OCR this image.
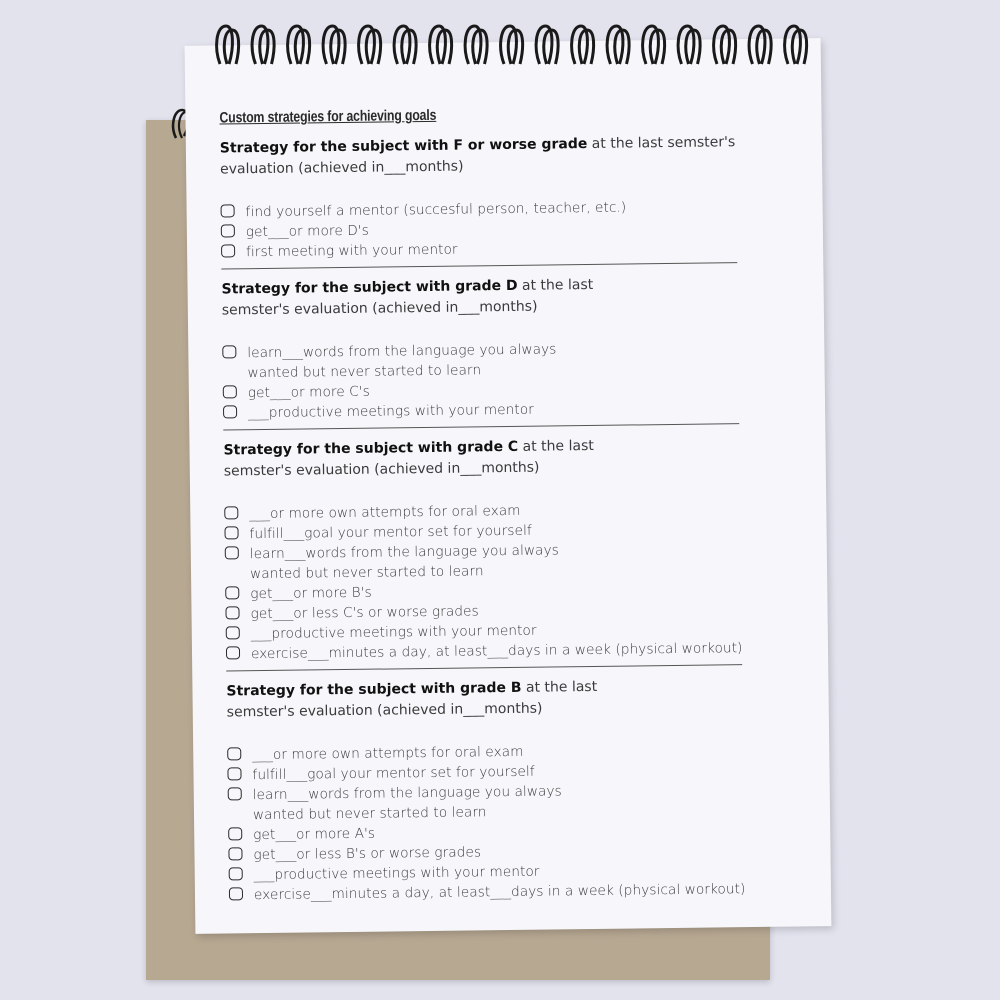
Custom strategies for achieving goals

Strategy for the subject with F or worse grade at the last semster's
evaluation (achieved in___months)

find yourself a mentor (succesful person, teacher, etc.)
get___or more D's
first meeting with your mentor

Strategy for the subject with grade D at the last
semster's evaluation (achieved in___months)

learn___words from the language you always
wanted but never started to learn
get___or more C's
___productive meetings with your mentor

Strategy for the subject with grade C at the last
semster's evaluation (achieved in___months)

___or more own attempts for oral exam
fulfill___goal your mentor set for yourself
learn___words from the language you always
wanted but never started to learn
get___or more B's
get___or less C's or worse grades
___productive meetings with your mentor
exercise___minutes a day, at least___days in a week (physical workout)

Strategy for the subject with grade B at the last
semster's evaluation (achieved in___months)

___or more own attempts for oral exam
fulfill___goal your mentor set for yourself
learn___words from the language you always
wanted but never started to learn
get___or more A's
get___or less B's or worse grades
___productive meetings with your mentor
exercise___minutes a day, at least___days in a week (physical workout)
